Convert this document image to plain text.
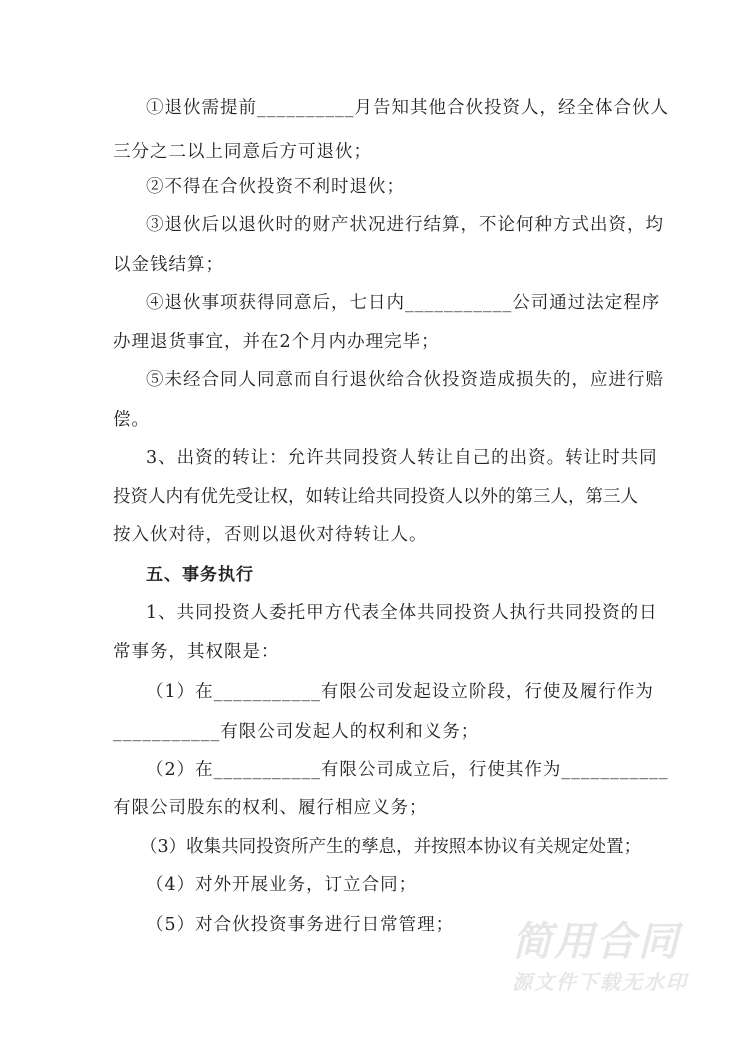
①退伙需提前__________月告知其他合伙投资人，经全体合伙人
三分之二以上同意后方可退伙；
②不得在合伙投资不利时退伙；
③退伙后以退伙时的财产状况进行结算，不论何种方式出资，均
以金钱结算；
④退伙事项获得同意后，七日内___________公司通过法定程序
办理退货事宜，并在2个月内办理完毕；
⑤未经合同人同意而自行退伙给合伙投资造成损失的，应进行赔
偿。
3、出资的转让：允许共同投资人转让自己的出资。转让时共同
投资人内有优先受让权，如转让给共同投资人以外的第三人，第三人
按入伙对待，否则以退伙对待转让人。
五、事务执行
1、共同投资人委托甲方代表全体共同投资人执行共同投资的日
常事务，其权限是：
（1）在___________有限公司发起设立阶段，行使及履行作为
___________有限公司发起人的权利和义务；
（2）在___________有限公司成立后，行使其作为___________
有限公司股东的权利、履行相应义务；
（3）收集共同投资所产生的孳息，并按照本协议有关规定处置；
（4）对外开展业务，订立合同；
（5）对合伙投资事务进行日常管理； 简用合同
源文件下载无水印
